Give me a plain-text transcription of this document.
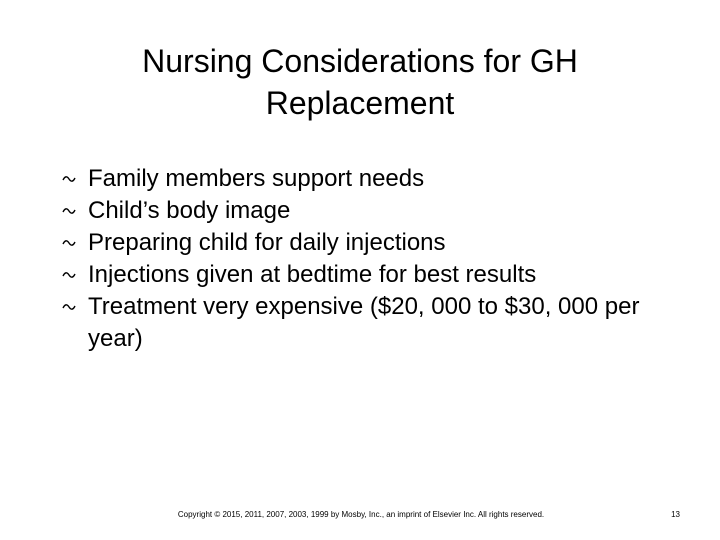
Nursing Considerations for GH Replacement
Family members support needs
Child’s body image
Preparing child for daily injections
Injections given at bedtime for best results
Treatment very expensive ($20, 000 to $30, 000 per year)
Copyright © 2015, 2011, 2007, 2003, 1999 by Mosby, Inc., an imprint of Elsevier Inc. All rights reserved.	13
